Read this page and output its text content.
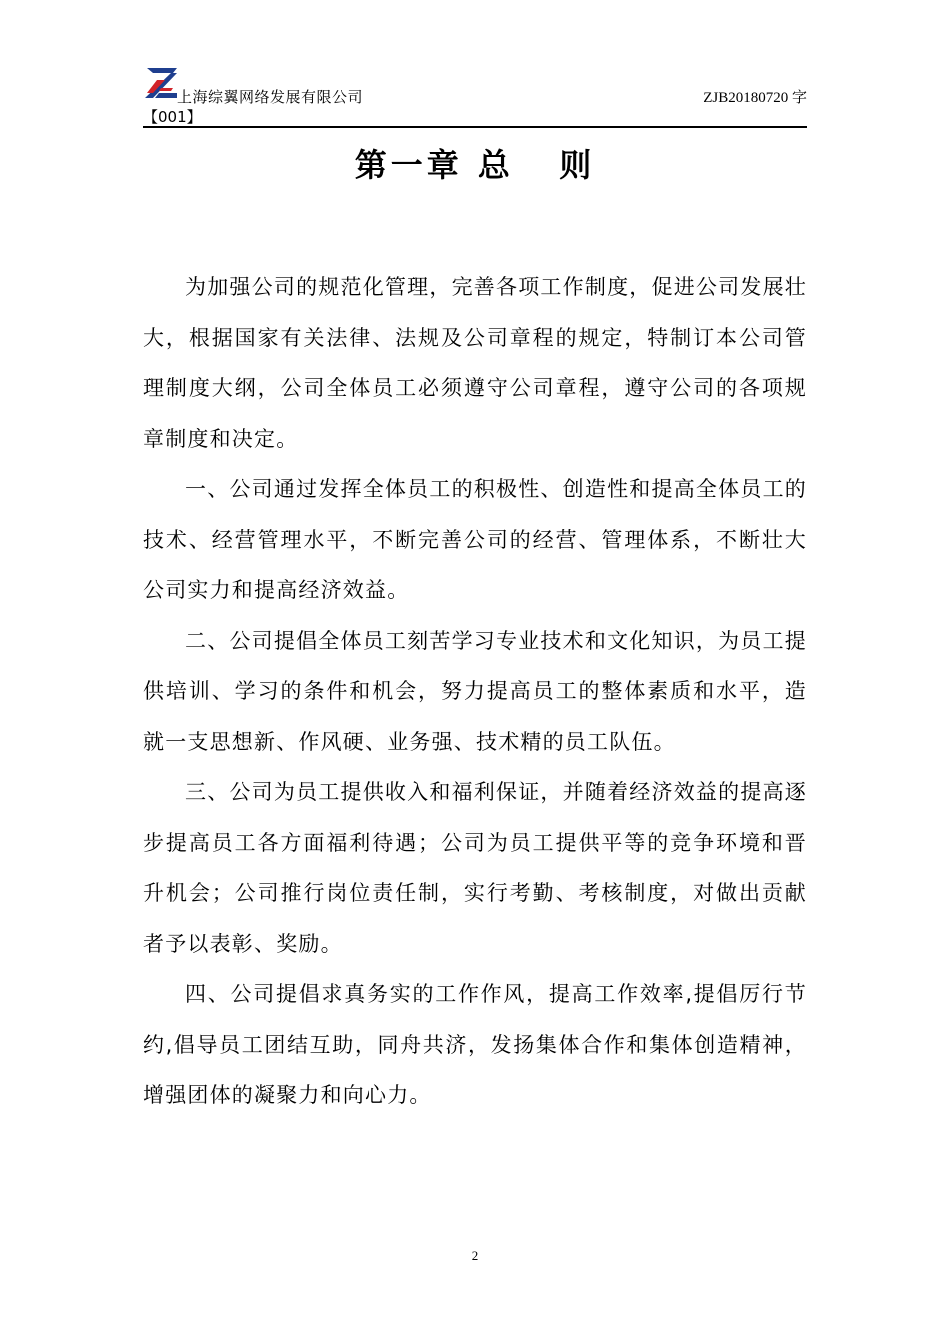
上海综翼网络发展有限公司	ZJB20180720 字
【001】
第一章 总   则

为加强公司的规范化管理，完善各项工作制度，促进公司发展壮大，根据国家有关法律、法规及公司章程的规定，特制订本公司管理制度大纲，公司全体员工必须遵守公司章程，遵守公司的各项规章制度和决定。

一、公司通过发挥全体员工的积极性、创造性和提高全体员工的技术、经营管理水平，不断完善公司的经营、管理体系，不断壮大公司实力和提高经济效益。

二、公司提倡全体员工刻苦学习专业技术和文化知识，为员工提供培训、学习的条件和机会，努力提高员工的整体素质和水平，造就一支思想新、作风硬、业务强、技术精的员工队伍。

三、公司为员工提供收入和福利保证，并随着经济效益的提高逐步提高员工各方面福利待遇；公司为员工提供平等的竞争环境和晋升机会；公司推行岗位责任制，实行考勤、考核制度，对做出贡献者予以表彰、奖励。

四、公司提倡求真务实的工作作风，提高工作效率,提倡厉行节约,倡导员工团结互助，同舟共济，发扬集体合作和集体创造精神，增强团体的凝聚力和向心力。

2
